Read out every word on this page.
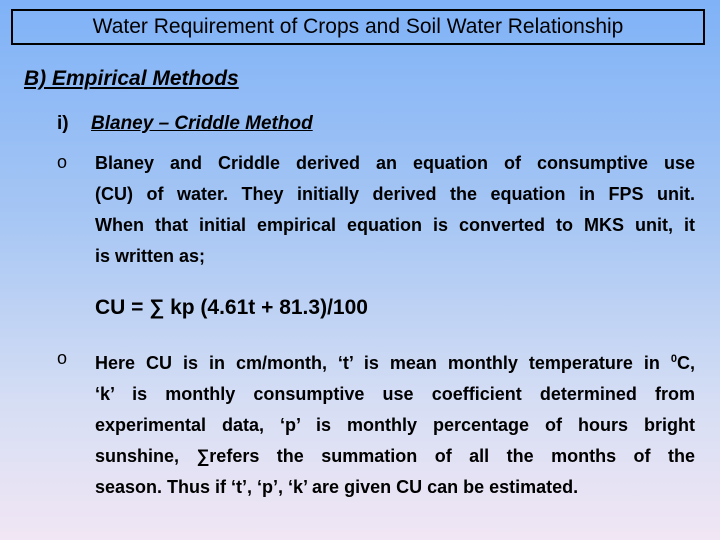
Water Requirement of Crops and Soil Water Relationship
B) Empirical Methods
i) Blaney – Criddle Method
o Blaney and Criddle derived an equation of consumptive use
(CU) of water. They initially derived the equation in FPS unit.
When that initial empirical equation is converted to MKS unit, it
is written as;
CU = ∑ kp (4.61t + 81.3)/100
o Here CU is in cm/month, ‘t’ is mean monthly temperature in $^0$C,
‘k’ is monthly consumptive use coefficient determined from
experimental data, ‘p’ is monthly percentage of hours bright
sunshine, ∑refers the summation of all the months of the
season. Thus if ‘t’, ‘p’, ‘k’ are given CU can be estimated.
